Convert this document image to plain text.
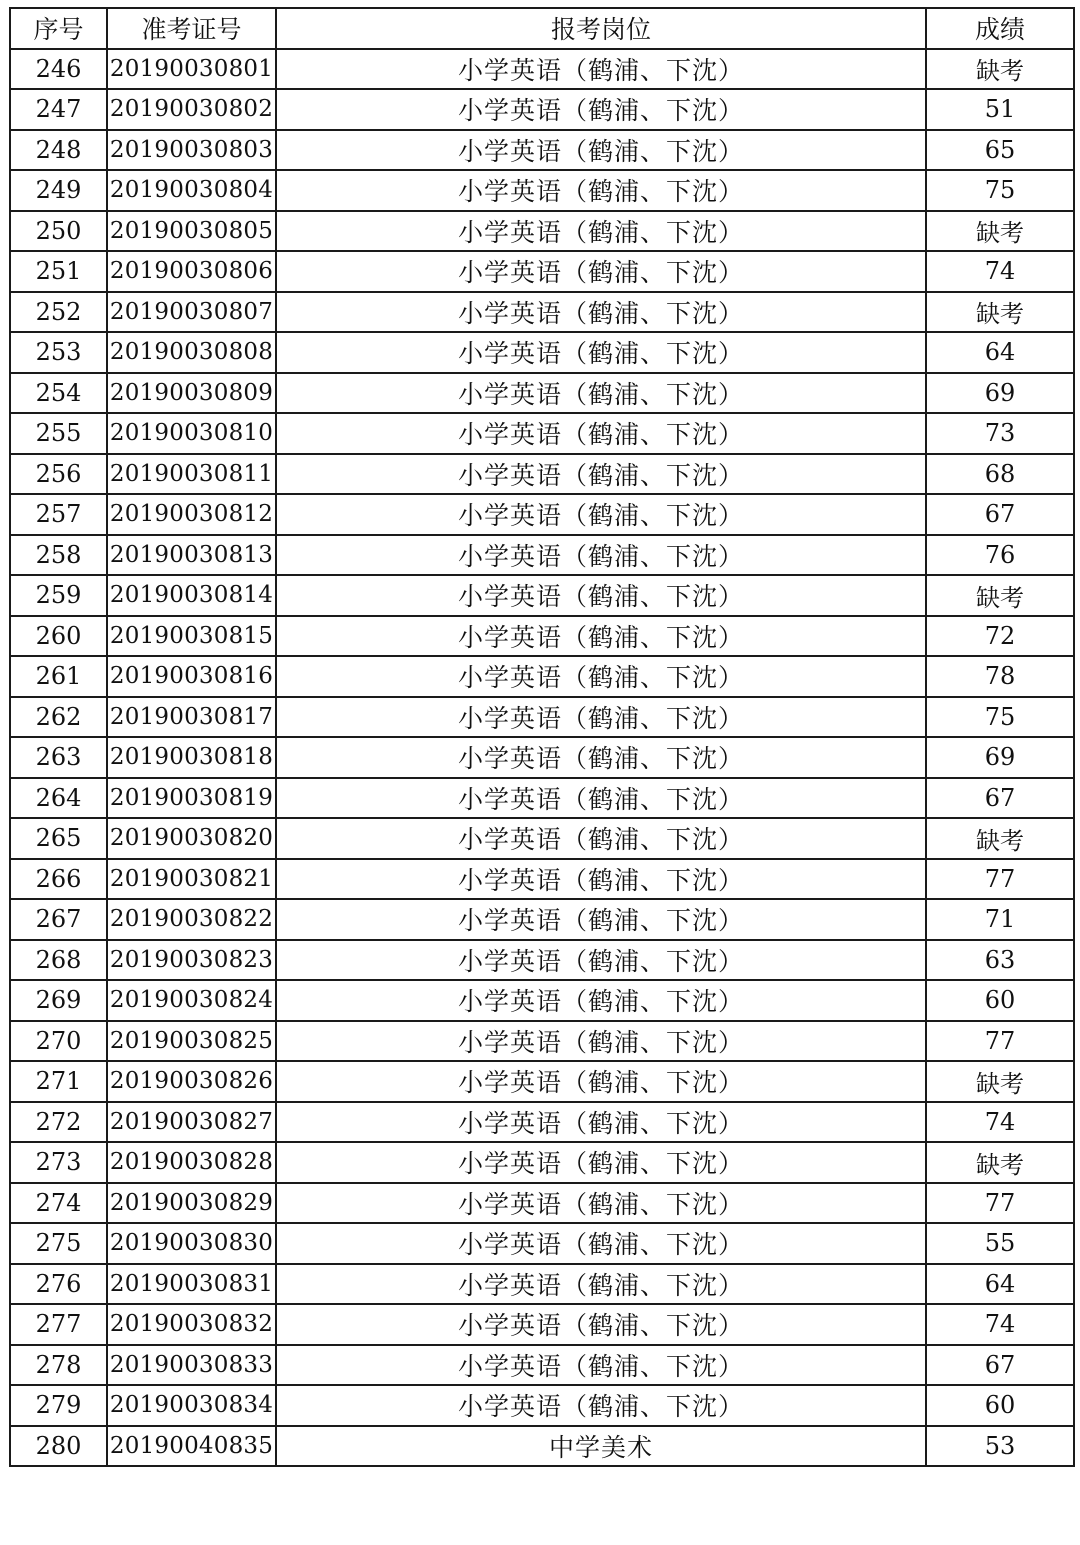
序号	准考证号	报考岗位	成绩
246	20190030801	小学英语（鹤浦、下沈）	缺考
247	20190030802	小学英语（鹤浦、下沈）	51
248	20190030803	小学英语（鹤浦、下沈）	65
249	20190030804	小学英语（鹤浦、下沈）	75
250	20190030805	小学英语（鹤浦、下沈）	缺考
251	20190030806	小学英语（鹤浦、下沈）	74
252	20190030807	小学英语（鹤浦、下沈）	缺考
253	20190030808	小学英语（鹤浦、下沈）	64
254	20190030809	小学英语（鹤浦、下沈）	69
255	20190030810	小学英语（鹤浦、下沈）	73
256	20190030811	小学英语（鹤浦、下沈）	68
257	20190030812	小学英语（鹤浦、下沈）	67
258	20190030813	小学英语（鹤浦、下沈）	76
259	20190030814	小学英语（鹤浦、下沈）	缺考
260	20190030815	小学英语（鹤浦、下沈）	72
261	20190030816	小学英语（鹤浦、下沈）	78
262	20190030817	小学英语（鹤浦、下沈）	75
263	20190030818	小学英语（鹤浦、下沈）	69
264	20190030819	小学英语（鹤浦、下沈）	67
265	20190030820	小学英语（鹤浦、下沈）	缺考
266	20190030821	小学英语（鹤浦、下沈）	77
267	20190030822	小学英语（鹤浦、下沈）	71
268	20190030823	小学英语（鹤浦、下沈）	63
269	20190030824	小学英语（鹤浦、下沈）	60
270	20190030825	小学英语（鹤浦、下沈）	77
271	20190030826	小学英语（鹤浦、下沈）	缺考
272	20190030827	小学英语（鹤浦、下沈）	74
273	20190030828	小学英语（鹤浦、下沈）	缺考
274	20190030829	小学英语（鹤浦、下沈）	77
275	20190030830	小学英语（鹤浦、下沈）	55
276	20190030831	小学英语（鹤浦、下沈）	64
277	20190030832	小学英语（鹤浦、下沈）	74
278	20190030833	小学英语（鹤浦、下沈）	67
279	20190030834	小学英语（鹤浦、下沈）	60
280	20190040835	中学美术	53
